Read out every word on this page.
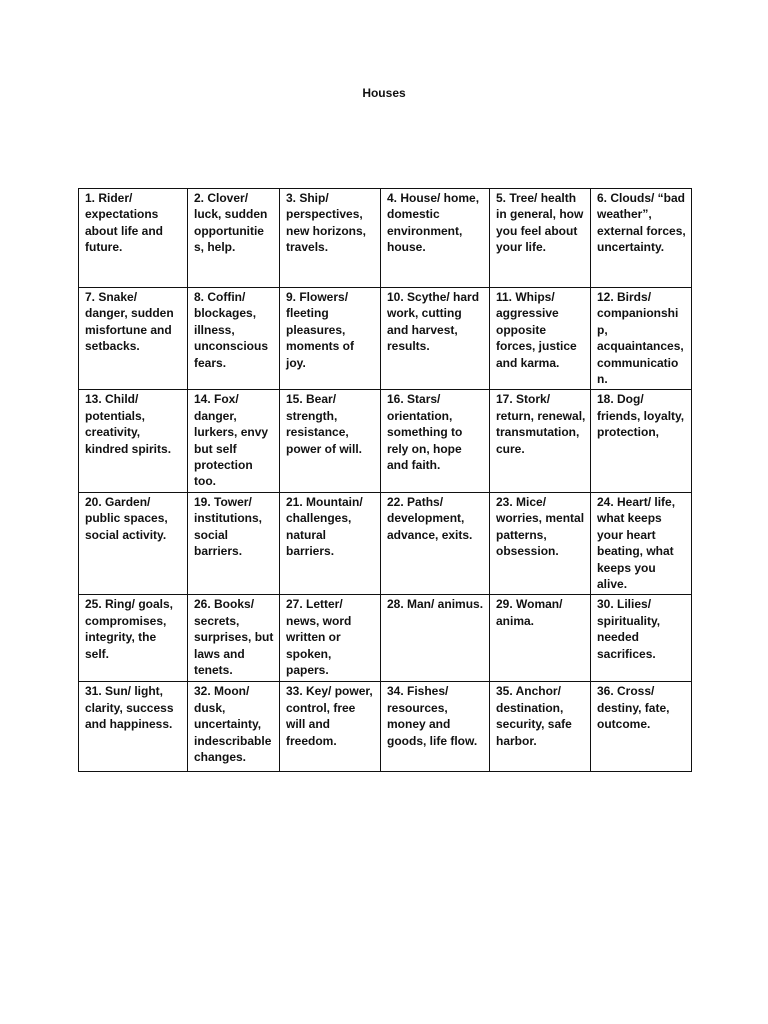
Houses
1. Rider/ expectations about life and future.	2. Clover/ luck, sudden opportunitie s, help.	3. Ship/ perspectives, new horizons, travels.	4. House/ home, domestic environment, house.	5. Tree/ health in general, how you feel about your life.	6. Clouds/ “bad weather”, external forces, uncertainty.
7. Snake/ danger, sudden misfortune and setbacks.	8. Coffin/ blockages, illness, unconscious fears.	9. Flowers/ fleeting pleasures, moments of joy.	10. Scythe/ hard work, cutting and harvest, results.	11. Whips/ aggressive opposite forces, justice and karma.	12. Birds/ companionshi p, acquaintances, communicatio n.
13. Child/ potentials, creativity, kindred spirits.	14. Fox/ danger, lurkers, envy but self protection too.	15. Bear/ strength, resistance, power of will.	16. Stars/ orientation, something to rely on, hope and faith.	17. Stork/ return, renewal, transmutation, cure.	18. Dog/ friends, loyalty, protection,
20. Garden/ public spaces, social activity.	19. Tower/ institutions, social barriers.	21. Mountain/ challenges, natural barriers.	22. Paths/ development, advance, exits.	23. Mice/ worries, mental patterns, obsession.	24. Heart/ life, what keeps your heart beating, what keeps you alive.
25. Ring/ goals, compromises, integrity, the self.	26. Books/ secrets, surprises, but laws and tenets.	27. Letter/ news, word written or spoken, papers.	28. Man/ animus.	29. Woman/ anima.	30. Lilies/ spirituality, needed sacrifices.
31. Sun/ light, clarity, success and happiness.	32. Moon/ dusk, uncertainty, indescribable changes.	33. Key/ power, control, free will and freedom.	34. Fishes/ resources, money and goods, life flow.	35. Anchor/ destination, security, safe harbor.	36. Cross/ destiny, fate, outcome.
